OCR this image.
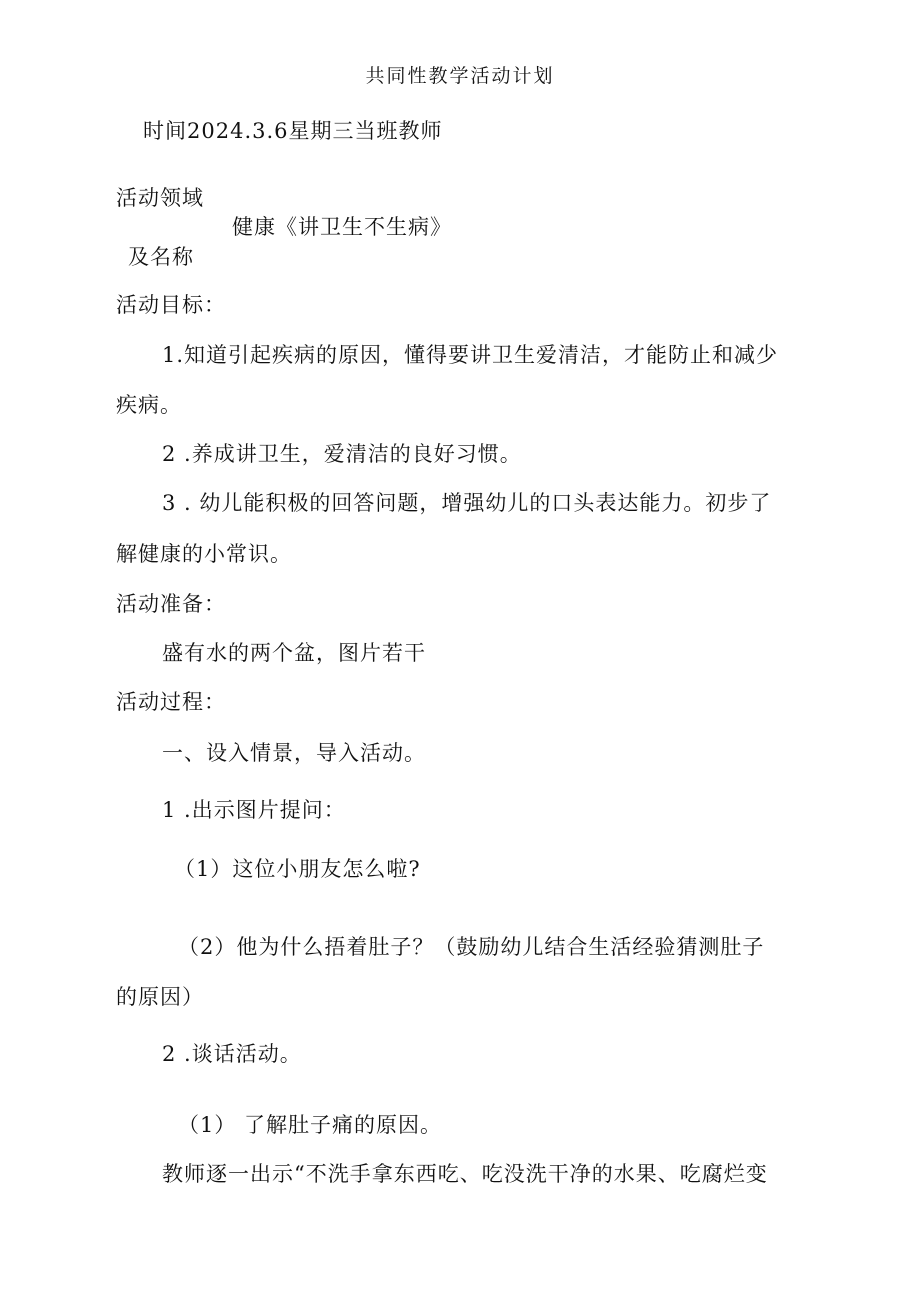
共同性教学活动计划

时间2024.3.6星期三当班教师

活动领域

健康《讲卫生不生病》

及名称

活动目标：

1.知道引起疾病的原因，懂得要讲卫生爱清洁，才能防止和减少

疾病。

2 .养成讲卫生，爱清洁的良好习惯。

3 . 幼儿能积极的回答问题，增强幼儿的口头表达能力。初步了

解健康的小常识。

活动准备：

盛有水的两个盆，图片若干

活动过程：

一、设入情景，导入活动。

1 .出示图片提问：

（1）这位小朋友怎么啦?

（2）他为什么捂着肚子？（鼓励幼儿结合生活经验猜测肚子

的原因）

2 .谈话活动。

（1） 了解肚子痛的原因。

教师逐一出示“不洗手拿东西吃、吃没洗干净的水果、吃腐烂变
